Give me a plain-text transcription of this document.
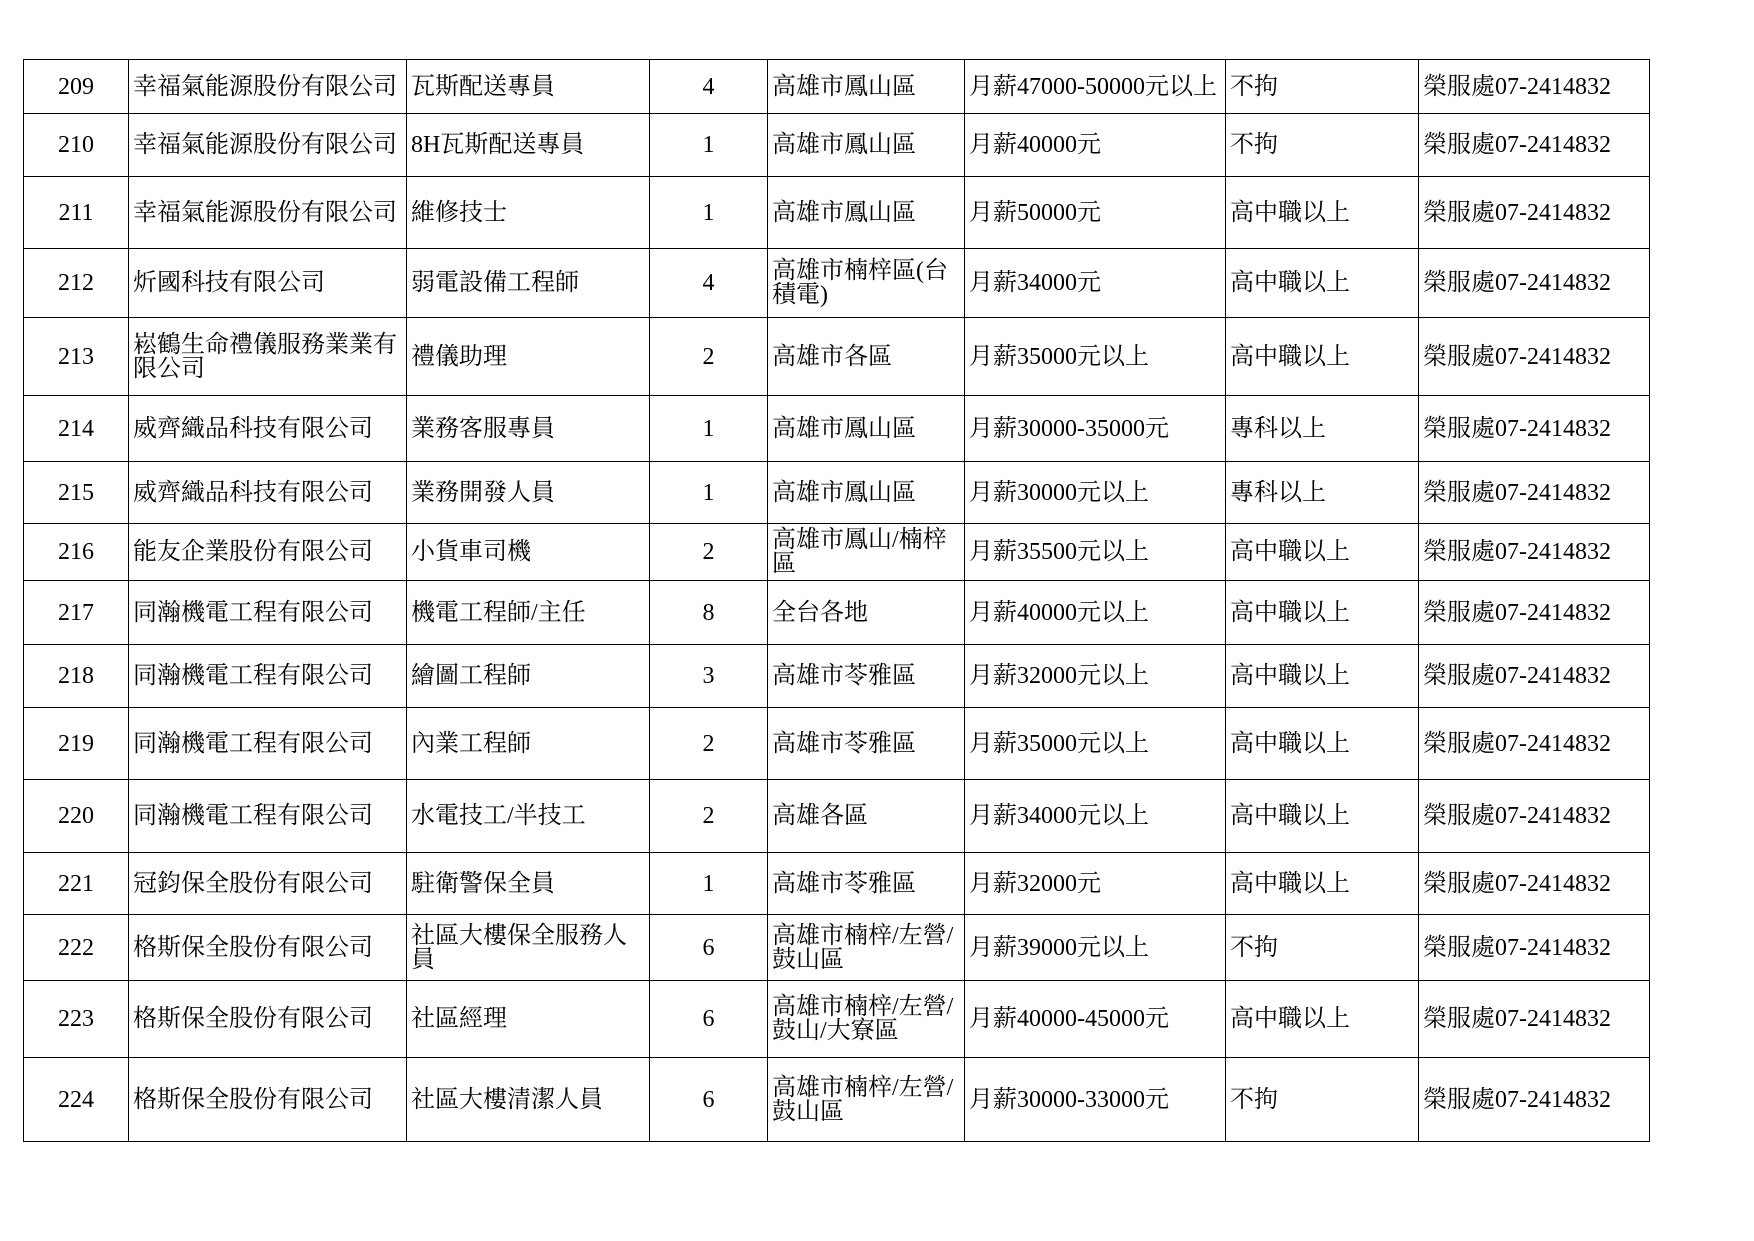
209	幸福氣能源股份有限公司	瓦斯配送專員	4	高雄市鳳山區	月薪47000-50000元以上	不拘	榮服處07-2414832
210	幸福氣能源股份有限公司	8H瓦斯配送專員	1	高雄市鳳山區	月薪40000元	不拘	榮服處07-2414832
211	幸福氣能源股份有限公司	維修技士	1	高雄市鳳山區	月薪50000元	高中職以上	榮服處07-2414832
212	炘國科技有限公司	弱電設備工程師	4	高雄市楠梓區(台積電)	月薪34000元	高中職以上	榮服處07-2414832
213	崧鶴生命禮儀服務業業有限公司	禮儀助理	2	高雄市各區	月薪35000元以上	高中職以上	榮服處07-2414832
214	威齊織品科技有限公司	業務客服專員	1	高雄市鳳山區	月薪30000-35000元	專科以上	榮服處07-2414832
215	威齊織品科技有限公司	業務開發人員	1	高雄市鳳山區	月薪30000元以上	專科以上	榮服處07-2414832
216	能友企業股份有限公司	小貨車司機	2	高雄市鳳山/楠梓區	月薪35500元以上	高中職以上	榮服處07-2414832
217	同瀚機電工程有限公司	機電工程師/主任	8	全台各地	月薪40000元以上	高中職以上	榮服處07-2414832
218	同瀚機電工程有限公司	繪圖工程師	3	高雄市苓雅區	月薪32000元以上	高中職以上	榮服處07-2414832
219	同瀚機電工程有限公司	內業工程師	2	高雄市苓雅區	月薪35000元以上	高中職以上	榮服處07-2414832
220	同瀚機電工程有限公司	水電技工/半技工	2	高雄各區	月薪34000元以上	高中職以上	榮服處07-2414832
221	冠鈞保全股份有限公司	駐衛警保全員	1	高雄市苓雅區	月薪32000元	高中職以上	榮服處07-2414832
222	格斯保全股份有限公司	社區大樓保全服務人員	6	高雄市楠梓/左營/鼓山區	月薪39000元以上	不拘	榮服處07-2414832
223	格斯保全股份有限公司	社區經理	6	高雄市楠梓/左營/鼓山/大寮區	月薪40000-45000元	高中職以上	榮服處07-2414832
224	格斯保全股份有限公司	社區大樓清潔人員	6	高雄市楠梓/左營/鼓山區	月薪30000-33000元	不拘	榮服處07-2414832
